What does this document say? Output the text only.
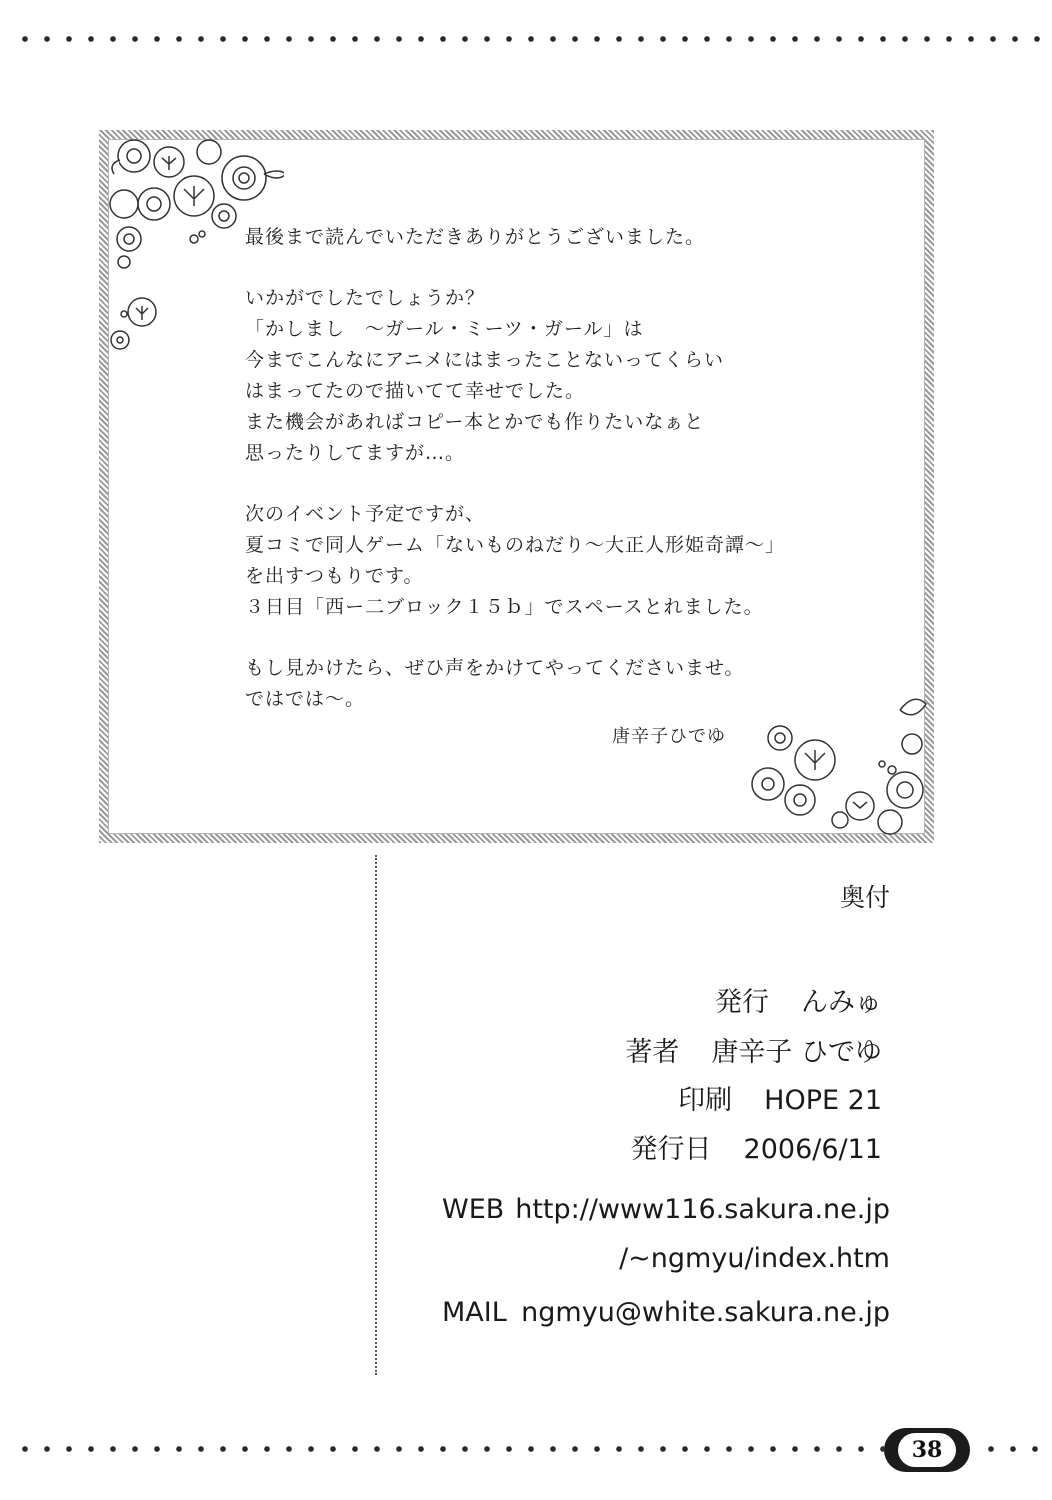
最後まで読んでいただきありがとうございました。
いかがでしたでしょうか？
「かしまし　〜ガール・ミーツ・ガール」は
今までこんなにアニメにはまったことないってくらい
はまってたので描いてて幸せでした。
また機会があればコピー本とかでも作りたいなぁと
思ったりしてますが…。
次のイベント予定ですが、
夏コミで同人ゲーム「ないものねだり〜大正人形姫奇譚〜」
を出すつもりです。
３日目「西ー二ブロック１５ｂ」でスペースとれました。
もし見かけたら、ぜひ声をかけてやってくださいませ。
ではでは〜。
唐辛子ひでゆ
奥付
発行 んみゅ
著者 唐辛子 ひでゆ
印刷 HOPE 21
発行日 2006/6/11
WEB http://www116.sakura.ne.jp
/~ngmyu/index.htm
MAIL ngmyu@white.sakura.ne.jp
38
